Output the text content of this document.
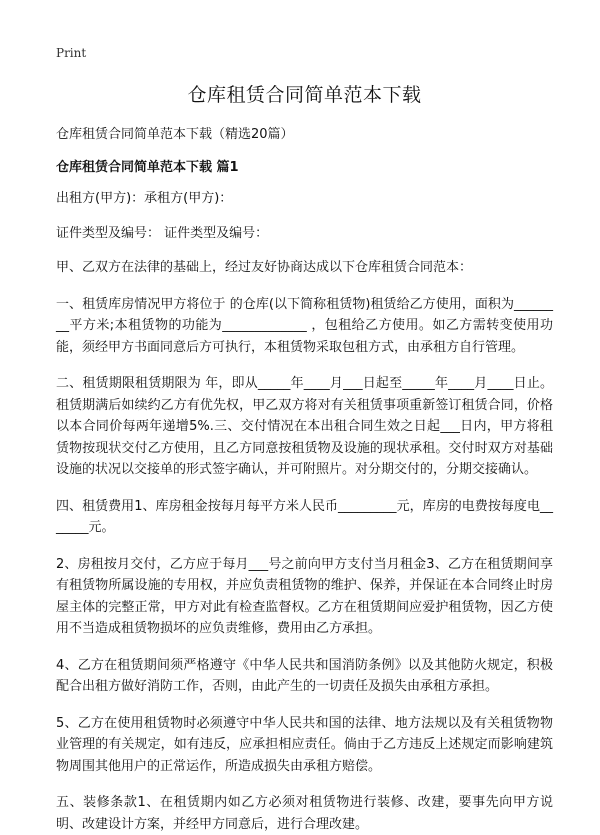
Print
仓库租赁合同简单范本下载

仓库租赁合同简单范本下载（精选20篇）

仓库租赁合同简单范本下载 篇1

出租方(甲方)：承租方(甲方)：

证件类型及编号： 证件类型及编号：

甲、乙双方在法律的基础上，经过友好协商达成以下仓库租赁合同范本：

一、租赁库房情况甲方将位于 的仓库(以下简称租赁物)租赁给乙方使用，面积为________平方米;本租赁物的功能为_____________ ，包租给乙方使用。如乙方需转变使用功能，须经甲方书面同意后方可执行，本租赁物采取包租方式，由承租方自行管理。

二、租赁期限租赁期限为 年，即从_____年____月___日起至_____年____月____日止。租赁期满后如续约乙方有优先权，甲乙双方将对有关租赁事项重新签订租赁合同，价格以本合同价每两年递增5%.三、交付情况在本出租合同生效之日起___日内，甲方将租赁物按现状交付乙方使用，且乙方同意按租赁物及设施的现状承租。交付时双方对基础设施的状况以交接单的形式签字确认，并可附照片。对分期交付的，分期交接确认。

四、租赁费用1、库房租金按每月每平方米人民币_________元，库房的电费按每度电_______元。

2、房租按月交付，乙方应于每月___号之前向甲方支付当月租金3、乙方在租赁期间享有租赁物所属设施的专用权，并应负责租赁物的维护、保养，并保证在本合同终止时房屋主体的完整正常，甲方对此有检查监督权。乙方在租赁期间应爱护租赁物，因乙方使用不当造成租赁物损坏的应负责维修，费用由乙方承担。

4、乙方在租赁期间须严格遵守《中华人民共和国消防条例》以及其他防火规定，积极配合出租方做好消防工作，否则，由此产生的一切责任及损失由承租方承担。

5、乙方在使用租赁物时必须遵守中华人民共和国的法律、地方法规以及有关租赁物物业管理的有关规定，如有违反，应承担相应责任。倘由于乙方违反上述规定而影响建筑物周围其他用户的正常运作，所造成损失由承租方赔偿。

五、装修条款1、在租赁期内如乙方必须对租赁物进行装修、改建，要事先向甲方说明、改建设计方案，并经甲方同意后，进行合理改建。
